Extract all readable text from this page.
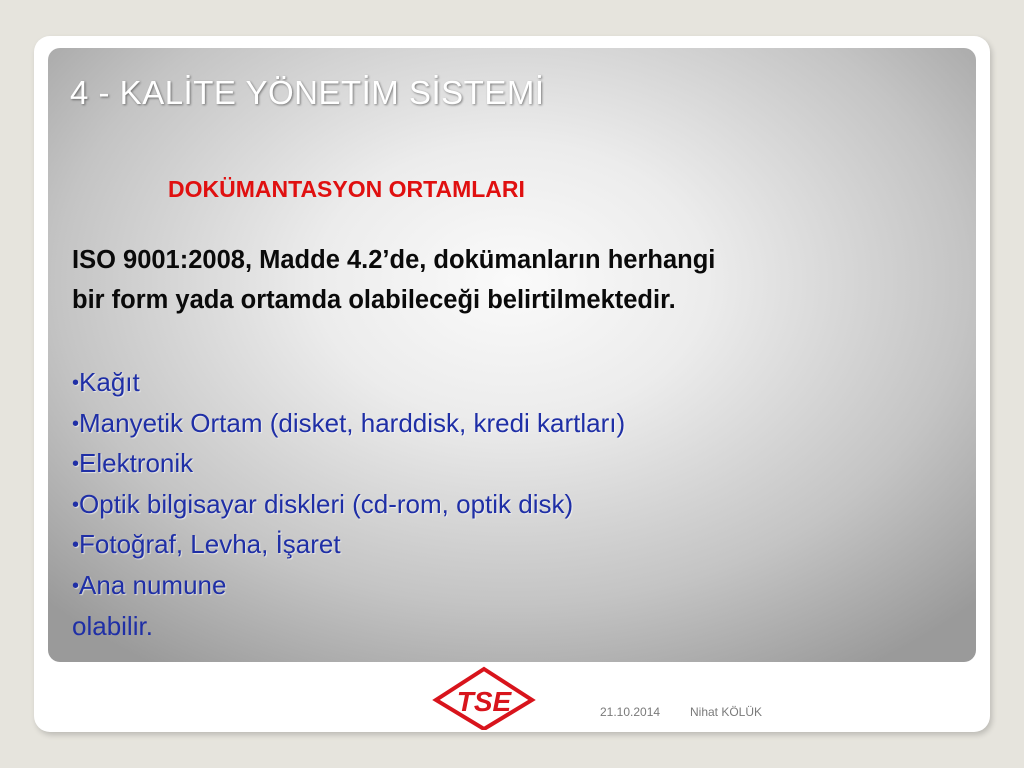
4 - KALİTE YÖNETİM SİSTEMİ
DOKÜMANTASYON ORTAMLARI
ISO 9001:2008, Madde 4.2’de, dokümanların herhangi
bir form yada ortamda olabileceği belirtilmektedir.
•Kağıt
•Manyetik Ortam (disket, harddisk, kredi kartları)
•Elektronik
•Optik bilgisayar diskleri (cd-rom, optik disk)
•Fotoğraf, Levha, İşaret
•Ana numune
olabilir.
TSE	21.10.2014 Nihat KÖLÜK
